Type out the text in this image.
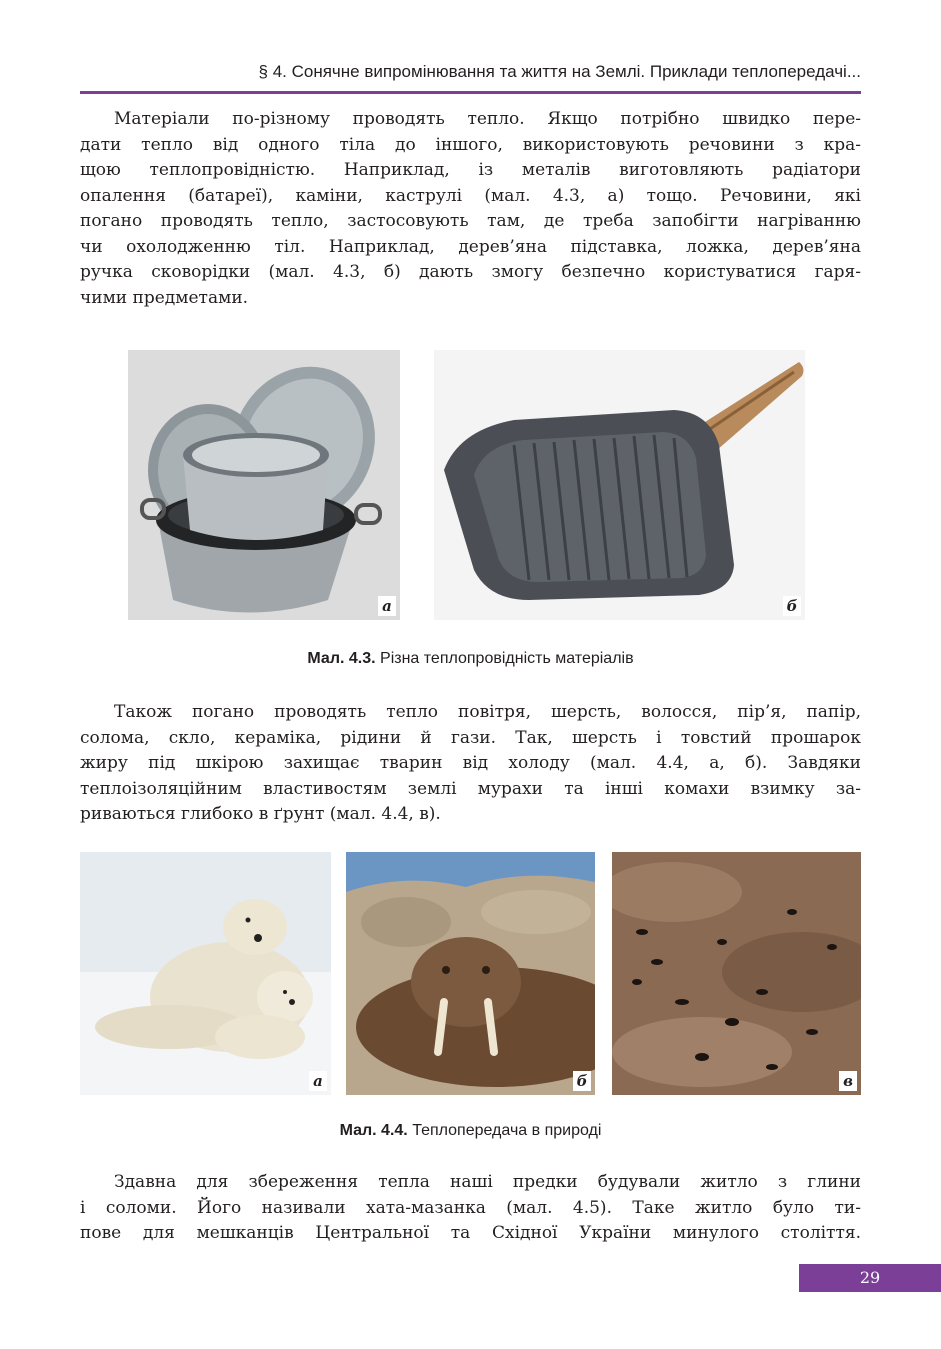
§ 4. Сонячне випромінювання та життя на Землі. Приклади теплопередачі...

Матеріали по-різному проводять тепло. Якщо потрібно швидко пере-
дати тепло від одного тіла до іншого, використовують речовини з кра-
щою теплопровідністю. Наприклад, із металів виготовляють радіатори
опалення (батареї), каміни, каструлі (мал. 4.3, а) тощо. Речовини, які
погано проводять тепло, застосовують там, де треба запобігти нагріванню
чи охолодженню тіл. Наприклад, дерев’яна підставка, ложка, дерев’яна
ручка сковорідки (мал. 4.3, б) дають змогу безпечно користуватися гаря-
чими предметами.

а	б
Мал. 4.3. Різна теплопровідність матеріалів

Також погано проводять тепло повітря, шерсть, волосся, пір’я, папір,
солома, скло, кераміка, рідини й гази. Так, шерсть і товстий прошарок
жиру під шкірою захищає тварин від холоду (мал. 4.4, а, б). Завдяки
теплоізоляційним властивостям землі мурахи та інші комахи взимку за-
риваються глибоко в ґрунт (мал. 4.4, в).

а	б	в
Мал. 4.4. Теплопередача в природі

Здавна для збереження тепла наші предки будували житло з глини
і соломи. Його називали хата-мазанка (мал. 4.5). Таке житло було ти-
пове для мешканців Центральної та Східної України минулого століття.

29
